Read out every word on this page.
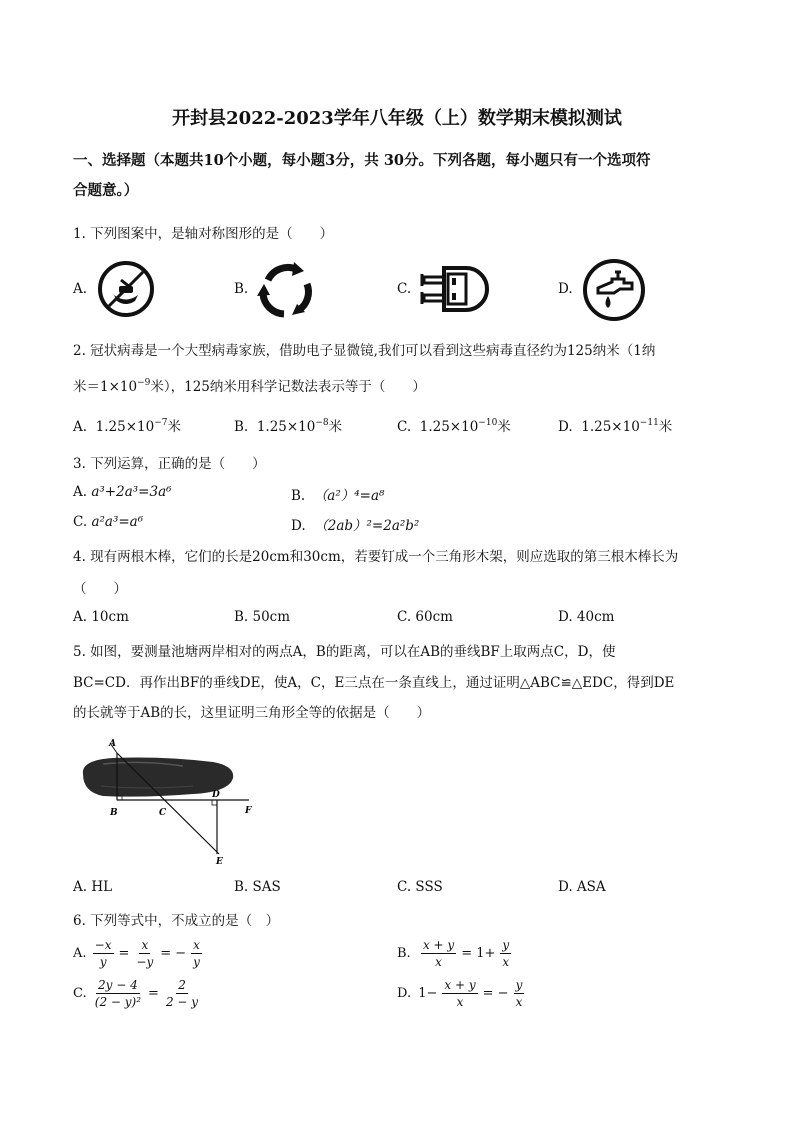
开封县2022-2023学年八年级（上）数学期末模拟测试
一、选择题（本题共10个小题，每小题3分，共 30分。下列各题，每小题只有一个选项符
合题意。）
1. 下列图案中，是轴对称图形的是（　　）
A.	B.	C.	D.
2. 冠状病毒是一个大型病毒家族，借助电子显微镜,我们可以看到这些病毒直径约为125纳米（1纳
米$=1\times 10^{-9}$米），125纳米用科学记数法表示等于（　　）
A. $1.25\times 10^{-7}$米	B. $1.25\times 10^{-8}$米	C. $1.25\times 10^{-10}$米	D. $1.25\times 10^{-11}$米
3. 下列运算，正确的是（　　）
A. a³+2a³=3a⁶	B. （a²）⁴=a⁸
C. a²a³=a⁶	D. （2ab）²=2a²b²
4. 现有两根木棒，它们的长是20cm和30cm，若要钉成一个三角形木架，则应选取的第三根木棒长为
（　　）
A. 10cm	B. 50cm	C. 60cm	D. 40cm
5. 如图，要测量池塘两岸相对的两点A，B的距离，可以在AB的垂线BF上取两点C，D，使
BC=CD．再作出BF的垂线DE，使A，C，E三点在一条直线上，通过证明△ABC≌△EDC，得到DE
的长就等于AB的长，这里证明三角形全等的依据是（　　）
A
B	C
D
E
F
A. HL	B. SAS	C. SSS	D. ASA
6. 下列等式中，不成立的是（　）
A.
$\frac{-x}{y} = \frac{x}{-y}$ = − $\frac{x}{y}$	B.
$\frac{x + y}{x} = 1+ \frac{y}{x}$
C.
$\frac{2y - 4}{\text{(2 − y)²}} = \frac{2}{2 - y}$	D.
$1- \frac{x + y}{x}$ = − $\frac{y}{x}$
